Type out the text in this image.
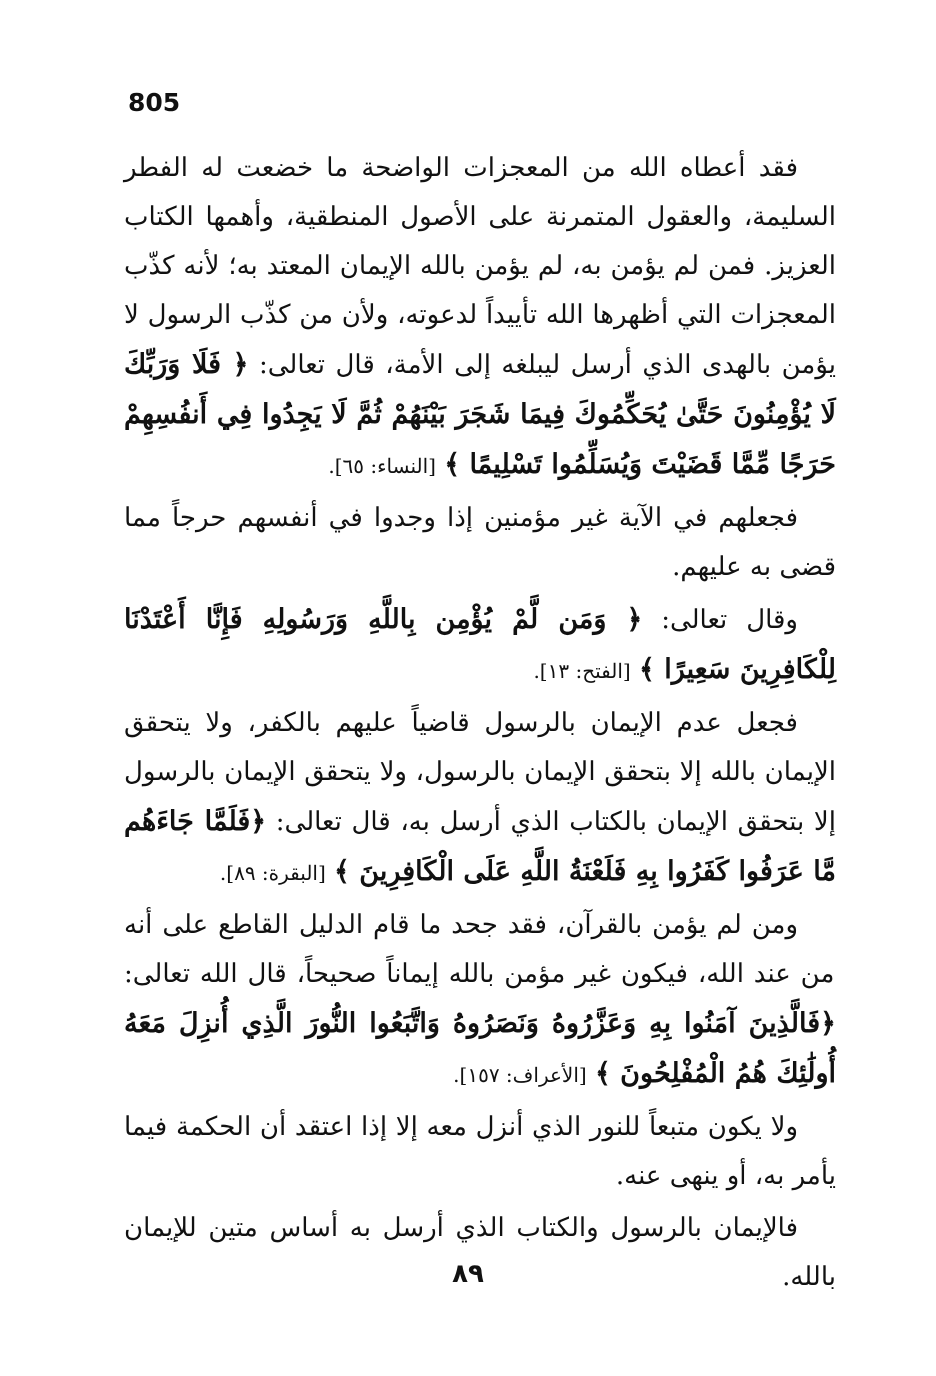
805

فقد أعطاه الله من المعجزات الواضحة ما خضعت له الفطر السليمة، والعقول المتمرنة على الأصول المنطقية، وأهمها الكتاب العزيز. فمن لم يؤمن به، لم يؤمن بالله الإيمان المعتد به؛ لأنه كذّب المعجزات التي أظهرها الله تأييداً لدعوته، ولأن من كذّب الرسول لا يؤمن بالهدى الذي أرسل ليبلغه إلى الأمة، قال تعالى: ﴿ فَلَا وَرَبِّكَ لَا يُؤْمِنُونَ حَتَّىٰ يُحَكِّمُوكَ فِيمَا شَجَرَ بَيْنَهُمْ ثُمَّ لَا يَجِدُوا فِي أَنفُسِهِمْ حَرَجًا مِّمَّا قَضَيْتَ وَيُسَلِّمُوا تَسْلِيمًا ﴾ [النساء: ٦٥].

فجعلهم في الآية غير مؤمنين إذا وجدوا في أنفسهم حرجاً مما قضى به عليهم.

وقال تعالى: ﴿ وَمَن لَّمْ يُؤْمِن بِاللَّهِ وَرَسُولِهِ فَإِنَّا أَعْتَدْنَا لِلْكَافِرِينَ سَعِيرًا ﴾ [الفتح: ١٣].

فجعل عدم الإيمان بالرسول قاضياً عليهم بالكفر، ولا يتحقق الإيمان بالله إلا بتحقق الإيمان بالرسول، ولا يتحقق الإيمان بالرسول إلا بتحقق الإيمان بالكتاب الذي أرسل به، قال تعالى: ﴿فَلَمَّا جَاءَهُم مَّا عَرَفُوا كَفَرُوا بِهِ فَلَعْنَةُ اللَّهِ عَلَى الْكَافِرِينَ ﴾ [البقرة: ٨٩].

ومن لم يؤمن بالقرآن، فقد جحد ما قام الدليل القاطع على أنه من عند الله، فيكون غير مؤمن بالله إيماناً صحيحاً، قال الله تعالى: ﴿فَالَّذِينَ آمَنُوا بِهِ وَعَزَّرُوهُ وَنَصَرُوهُ وَاتَّبَعُوا النُّورَ الَّذِي أُنزِلَ مَعَهُ أُولَٰئِكَ هُمُ الْمُفْلِحُونَ ﴾ [الأعراف: ١٥٧].

ولا يكون متبعاً للنور الذي أنزل معه إلا إذا اعتقد أن الحكمة فيما يأمر به، أو ينهى عنه.

فالإيمان بالرسول والكتاب الذي أرسل به أساس متين للإيمان بالله.

٨٩
